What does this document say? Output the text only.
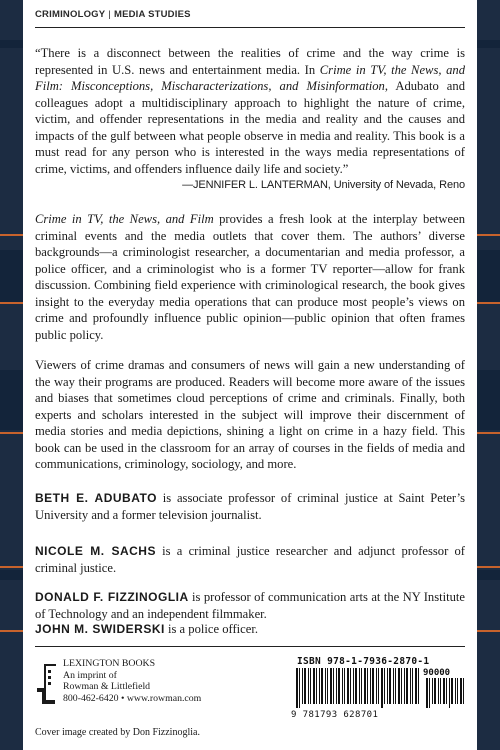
CRIMINOLOGY | MEDIA STUDIES
“There is a disconnect between the realities of crime and the way crime is represented in U.S. news and entertainment media. In Crime in TV, the News, and Film: Misconceptions, Mischaracterizations, and Misinformation, Adubato and colleagues adopt a multidisciplinary approach to highlight the nature of crime, victim, and offender representations in the media and reality and the causes and impacts of the gulf between what people observe in media and reality. This book is a must read for any person who is interested in the ways media representations of crime, victims, and offenders influence daily life and society.”
—JENNIFER L. LANTERMAN, University of Nevada, Reno
Crime in TV, the News, and Film provides a fresh look at the interplay between criminal events and the media outlets that cover them. The authors’ diverse backgrounds—a criminologist researcher, a documentarian and media professor, a police officer, and a criminologist who is a former TV reporter—allow for frank discussion. Combining field experience with criminological research, the book gives insight to the everyday media operations that can produce most people’s views on crime and profoundly influence public opinion—public opinion that often frames public policy.
Viewers of crime dramas and consumers of news will gain a new understanding of the way their programs are produced. Readers will become more aware of the issues and biases that sometimes cloud perceptions of crime and criminals. Finally, both experts and scholars interested in the subject will improve their discernment of media stories and media depictions, shining a light on crime in a hazy field. This book can be used in the classroom for an array of courses in the fields of media and communications, criminology, sociology, and more.
BETH E. ADUBATO is associate professor of criminal justice at Saint Peter’s University and a former television journalist.
NICOLE M. SACHS is a criminal justice researcher and adjunct professor of criminal justice.
DONALD F. FIZZINOGLIA is professor of communication arts at the NY Institute of Technology and an independent filmmaker.
JOHN M. SWIDERSKI is a police officer.
LEXINGTON BOOKS
An imprint of
Rowman & Littlefield
800-462-6420 • www.rowman.com
ISBN 978-1-7936-2870-1
90000
9 781793 628701
Cover image created by Don Fizzinoglia.
